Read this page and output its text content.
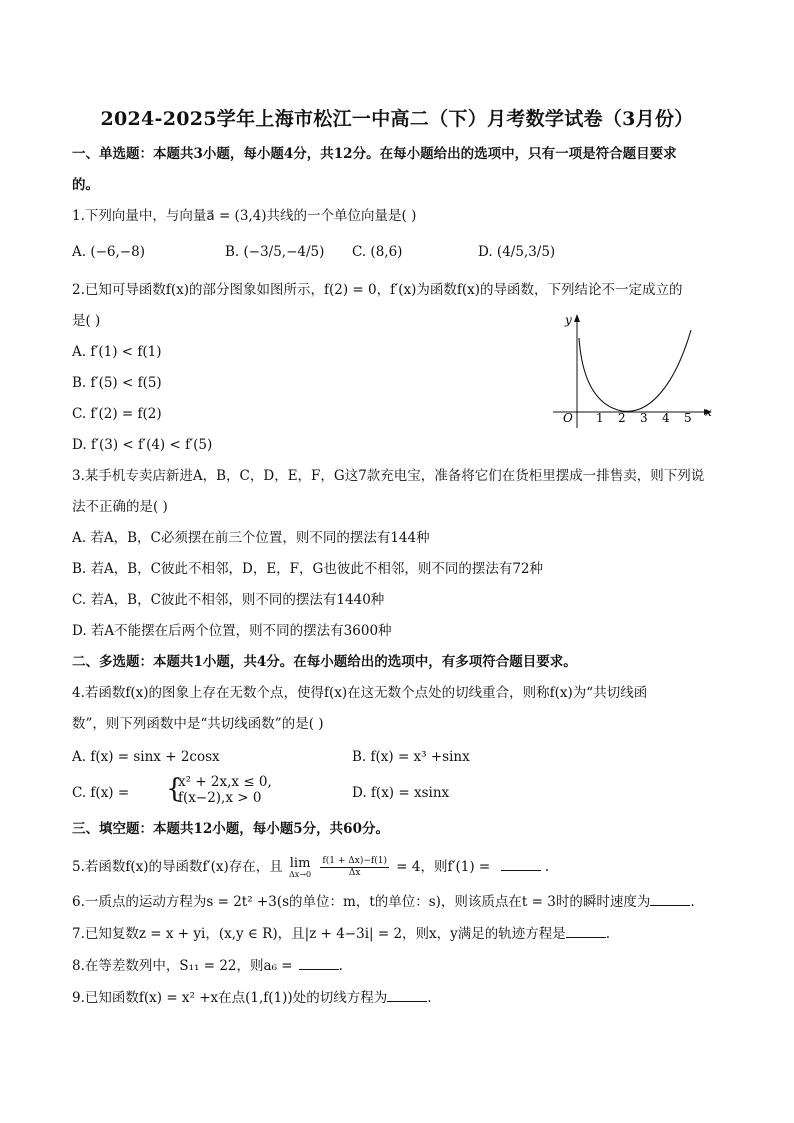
2024-2025学年上海市松江一中高二（下）月考数学试卷（3月份）
一、单选题：本题共3小题，每小题4分，共12分。在每小题给出的选项中，只有一项是符合题目要求
的。
1.下列向量中，与向量a⃗ = (3,4)共线的一个单位向量是( )
A. (−6,−8)	B. (−3/5,−4/5) C. (8,6)	D. (4/5,3/5)
2.已知可导函数f(x)的部分图象如图所示，f(2) = 0，f′(x)为函数f(x)的导函数，下列结论不一定成立的
是( )
A. f′(1) < f(1)
B. f′(5) < f(5)
C. f′(2) = f(2)
D. f′(3) < f′(4) < f′(5)
y
x
O 1 2 3 4 5
3.某手机专卖店新进A，B，C，D，E，F，G这7款充电宝，准备将它们在货柜里摆成一排售卖，则下列说
法不正确的是( )
A. 若A，B，C必须摆在前三个位置，则不同的摆法有144种
B. 若A，B，C彼此不相邻，D，E，F，G也彼此不相邻，则不同的摆法有72种
C. 若A，B，C彼此不相邻，则不同的摆法有1440种
D. 若A不能摆在后两个位置，则不同的摆法有3600种
二、多选题：本题共1小题，共4分。在每小题给出的选项中，有多项符合题目要求。
4.若函数f(x)的图象上存在无数个点，使得f(x)在这无数个点处的切线重合，则称f(x)为“共切线函
数”，则下列函数中是“共切线函数”的是( )
A. f(x) = sinx + 2cosx	B. f(x) = x³ +sinx
C. f(x) = {
x² + 2x,x ≤ 0,
f(x−2),x > 0	D. f(x) = xsinx
三、填空题：本题共12小题，每小题5分，共60分。
5.若函数f(x)的导函数f′(x)存在，且 lim
Δx→0
$\frac{f(1 + \Delta x)-f(1)}{\Delta x} = 4$，则f′(1) =	.
6.一质点的运动方程为s = 2t² +3(s的单位：m，t的单位：s)，则该质点在t = 3时的瞬时速度为	.
7.已知复数z = x + yi，(x,y ∈ R)，且|z + 4−3i| = 2，则x，y满足的轨迹方程是	.
8.在等差数列中，S₁₁ = 22，则a₆ =	.
9.已知函数f(x) = x² +x在点(1,f(1))处的切线方程为	.
